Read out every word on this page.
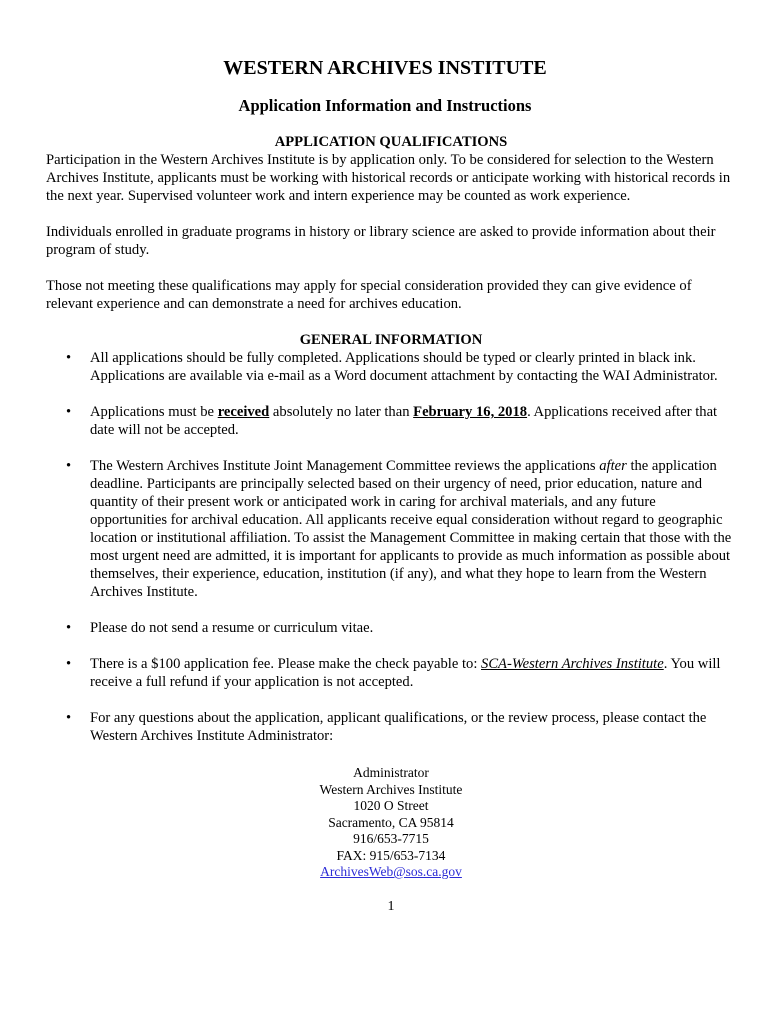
WESTERN ARCHIVES INSTITUTE
Application Information and Instructions

APPLICATION QUALIFICATIONS

Participation in the Western Archives Institute is by application only. To be considered for selection to the Western Archives Institute, applicants must be working with historical records or anticipate working with historical records in the next year. Supervised volunteer work and intern experience may be counted as work experience.

Individuals enrolled in graduate programs in history or library science are asked to provide information about their program of study.

Those not meeting these qualifications may apply for special consideration provided they can give evidence of relevant experience and can demonstrate a need for archives education.

GENERAL INFORMATION

• All applications should be fully completed. Applications should be typed or clearly printed in black ink. Applications are available via e-mail as a Word document attachment by contacting the WAI Administrator.
• Applications must be received absolutely no later than February 16, 2018. Applications received after that date will not be accepted.
• The Western Archives Institute Joint Management Committee reviews the applications after the application deadline. Participants are principally selected based on their urgency of need, prior education, nature and quantity of their present work or anticipated work in caring for archival materials, and any future opportunities for archival education. All applicants receive equal consideration without regard to geographic location or institutional affiliation. To assist the Management Committee in making certain that those with the most urgent need are admitted, it is important for applicants to provide as much information as possible about themselves, their experience, education, institution (if any), and what they hope to learn from the Western Archives Institute.
• Please do not send a resume or curriculum vitae.
• There is a $100 application fee. Please make the check payable to: SCA-Western Archives Institute. You will receive a full refund if your application is not accepted.
• For any questions about the application, applicant qualifications, or the review process, please contact the Western Archives Institute Administrator:
Administrator
Western Archives Institute
1020 O Street
Sacramento, CA 95814
916/653-7715
FAX: 915/653-7134
ArchivesWeb@sos.ca.gov
1
